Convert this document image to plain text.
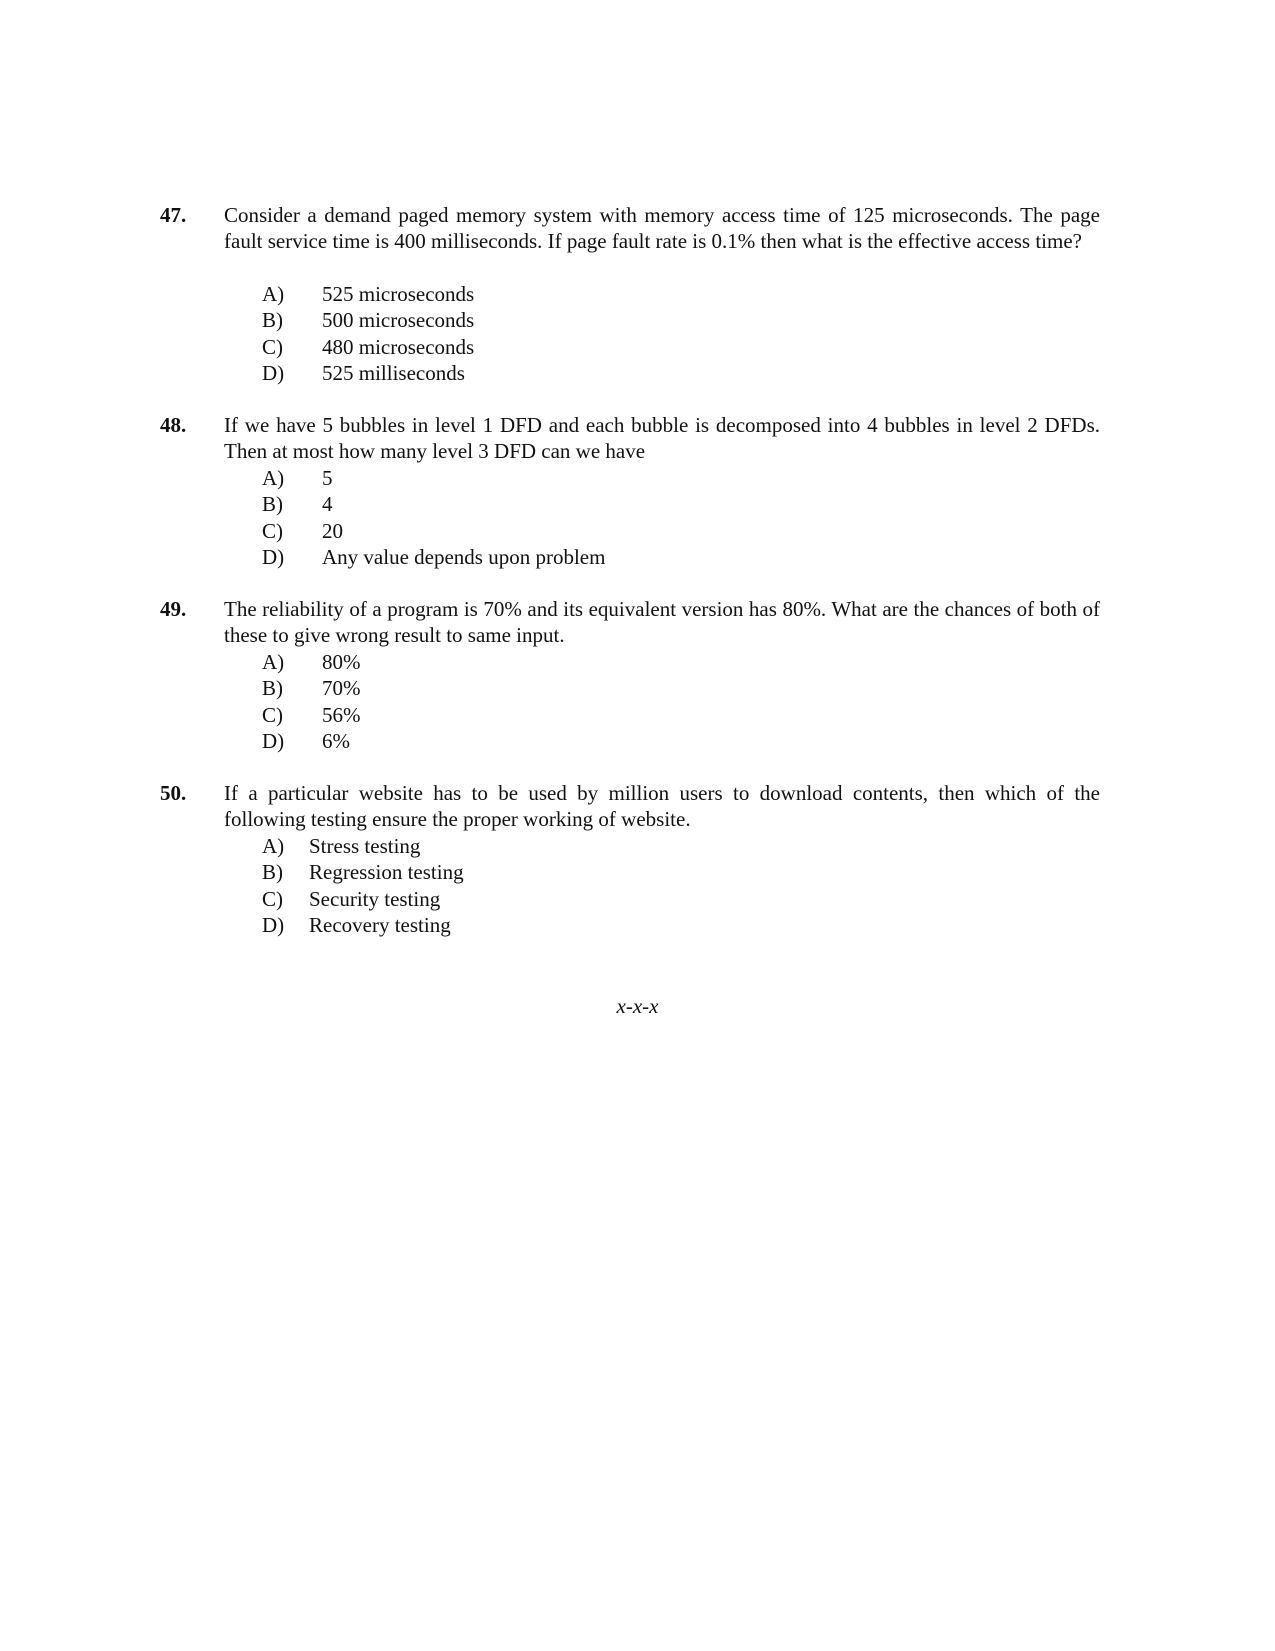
47. Consider a demand paged memory system with memory access time of 125 microseconds. The page fault service time is 400 milliseconds. If page fault rate is 0.1% then what is the effective access time?
A) 525 microseconds
B) 500 microseconds
C) 480 microseconds
D) 525 milliseconds
48. If we have 5 bubbles in level 1 DFD and each bubble is decomposed into 4 bubbles in level 2 DFDs. Then at most how many level 3 DFD can we have
A) 5
B) 4
C) 20
D) Any value depends upon problem
49. The reliability of a program is 70% and its equivalent version has 80%. What are the chances of both of these to give wrong result to same input.
A) 80%
B) 70%
C) 56%
D) 6%
50. If a particular website has to be used by million users to download contents, then which of the following testing ensure the proper working of website.
A) Stress testing
B) Regression testing
C) Security testing
D) Recovery testing
x-x-x
